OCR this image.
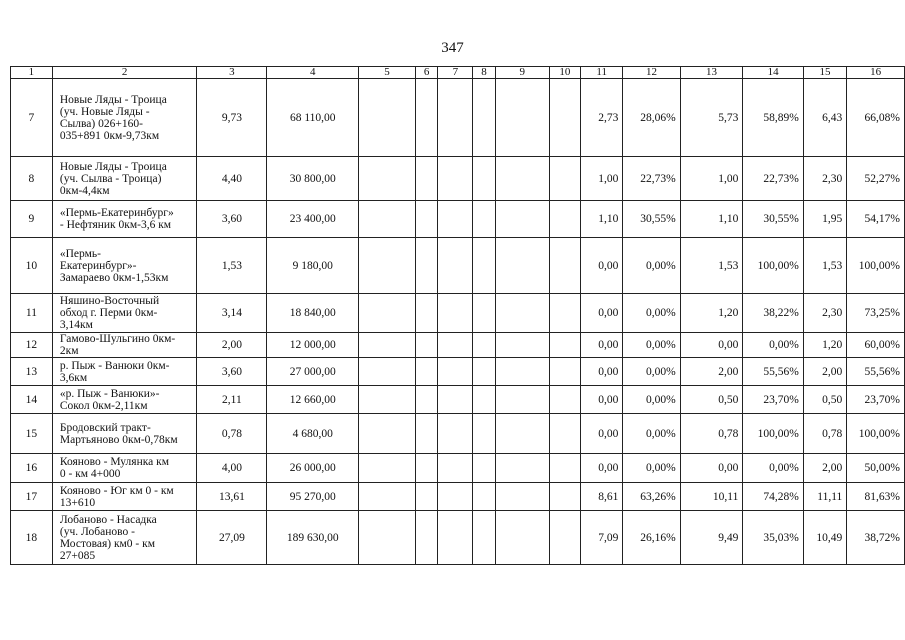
347
1	2	3	4	5	6	7	8	9	10	11	12	13	14	15	16
7	Новые Ляды - Троица
(уч. Новые Ляды -
Сылва) 026+160-
035+891 0км-9,73км	9,73	68 110,00							2,73	28,06%	5,73	58,89%	6,43	66,08%
8	Новые Ляды - Троица
(уч. Сылва - Троица)
0км-4,4км	4,40	30 800,00							1,00	22,73%	1,00	22,73%	2,30	52,27%
9	«Пермь-Екатеринбург»
- Нефтяник 0км-3,6 км	3,60	23 400,00							1,10	30,55%	1,10	30,55%	1,95	54,17%
10	«Пермь-
Екатеринбург»-
Замараево 0км-1,53км	1,53	9 180,00							0,00	0,00%	1,53	100,00%	1,53	100,00%
11	Няшино-Восточный
обход г. Перми 0км-
3,14км	3,14	18 840,00							0,00	0,00%	1,20	38,22%	2,30	73,25%
12	Гамово-Шульгино 0км-
2км	2,00	12 000,00							0,00	0,00%	0,00	0,00%	1,20	60,00%
13	р. Пыж - Ванюки 0км-
3,6км	3,60	27 000,00							0,00	0,00%	2,00	55,56%	2,00	55,56%
14	«р. Пыж - Ванюки»-
Сокол 0км-2,11км	2,11	12 660,00							0,00	0,00%	0,50	23,70%	0,50	23,70%
15	Бродовский тракт-
Мартьяново 0км-0,78км	0,78	4 680,00							0,00	0,00%	0,78	100,00%	0,78	100,00%
16	Кояново - Мулянка км
0 - км 4+000	4,00	26 000,00							0,00	0,00%	0,00	0,00%	2,00	50,00%
17	Кояново - Юг км 0 - км
13+610	13,61	95 270,00							8,61	63,26%	10,11	74,28%	11,11	81,63%
18	Лобаново - Насадка
(уч. Лобаново -
Мостовая) км0 - км
27+085	27,09	189 630,00							7,09	26,16%	9,49	35,03%	10,49	38,72%
